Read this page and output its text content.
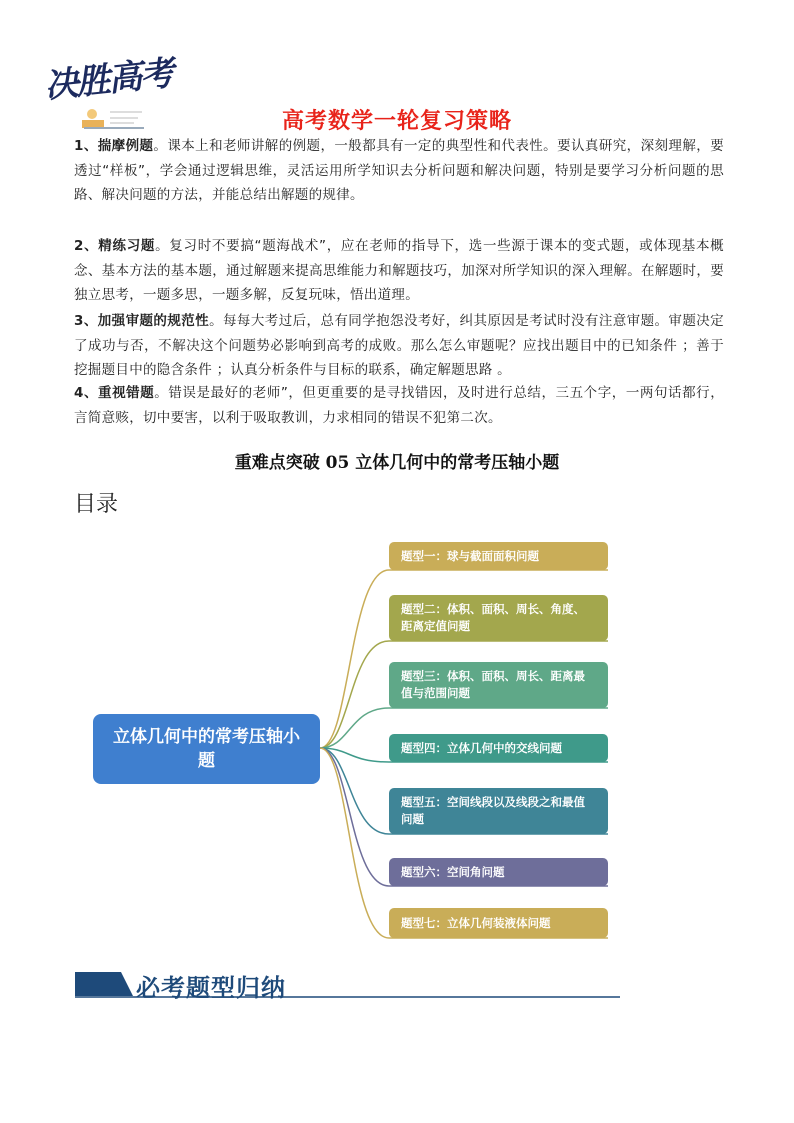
决胜高考
高考数学一轮复习策略
1、揣摩例题。课本上和老师讲解的例题，一般都具有一定的典型性和代表性。要认真研究，深刻理解，要透过“样板”，学会通过逻辑思维，灵活运用所学知识去分析问题和解决问题，特别是要学习分析问题的思路、解决问题的方法，并能总结出解题的规律。
2、精练习题。复习时不要搞“题海战术”，应在老师的指导下，选一些源于课本的变式题，或体现基本概念、基本方法的基本题，通过解题来提高思维能力和解题技巧，加深对所学知识的深入理解。在解题时，要独立思考，一题多思，一题多解，反复玩味，悟出道理。
3、加强审题的规范性。每每大考过后，总有同学抱怨没考好，纠其原因是考试时没有注意审题。审题决定了成功与否，不解决这个问题势必影响到高考的成败。那么怎么审题呢？应找出题目中的已知条件 ；善于挖掘题目中的隐含条件 ；认真分析条件与目标的联系，确定解题思路 。
4、重视错题。错误是最好的老师”，但更重要的是寻找错因，及时进行总结，三五个字，一两句话都行，言简意赅，切中要害，以利于吸取教训，力求相同的错误不犯第二次。
重难点突破 05 立体几何中的常考压轴小题
目录
立体几何中的常考压轴小题
题型一：球与截面面积问题
题型二：体积、面积、周长、角度、距离定值问题
题型三：体积、面积、周长、距离最值与范围问题
题型四：立体几何中的交线问题
题型五：空间线段以及线段之和最值问题
题型六：空间角问题
题型七：立体几何装液体问题
必考题型归纳
